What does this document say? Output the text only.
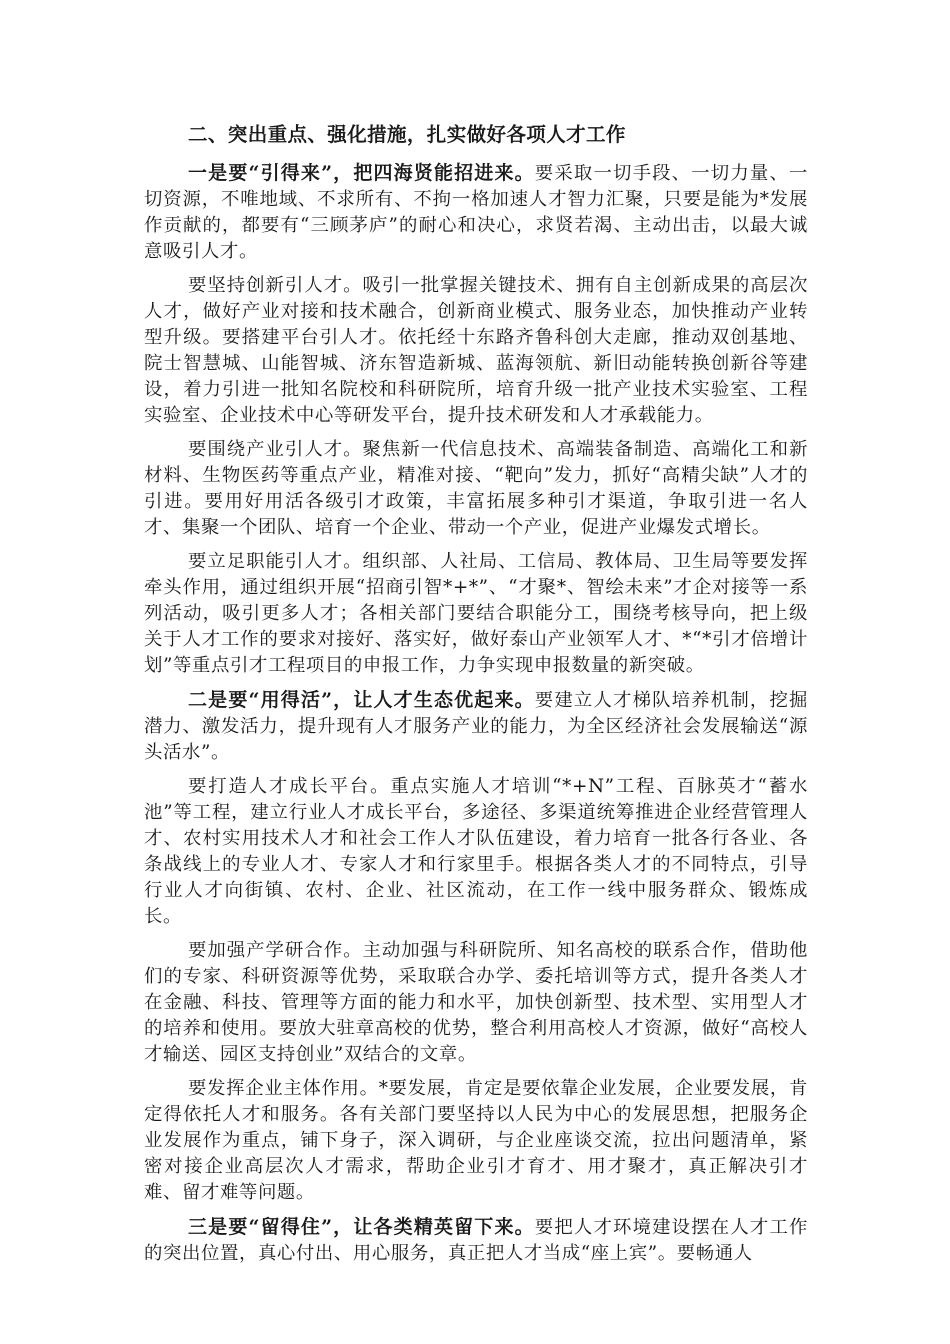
二、突出重点、强化措施，扎实做好各项人才工作

一是要“引得来”，把四海贤能招进来。要采取一切手段、一切力量、一切资源，不唯地域、不求所有、不拘一格加速人才智力汇聚，只要是能为*发展作贡献的，都要有“三顾茅庐”的耐心和决心，求贤若渴、主动出击，以最大诚意吸引人才。

要坚持创新引人才。吸引一批掌握关键技术、拥有自主创新成果的高层次人才，做好产业对接和技术融合，创新商业模式、服务业态，加快推动产业转型升级。要搭建平台引人才。依托经十东路齐鲁科创大走廊，推动双创基地、院士智慧城、山能智城、济东智造新城、蓝海领航、新旧动能转换创新谷等建设，着力引进一批知名院校和科研院所，培育升级一批产业技术实验室、工程实验室、企业技术中心等研发平台，提升技术研发和人才承载能力。

要围绕产业引人才。聚焦新一代信息技术、高端装备制造、高端化工和新材料、生物医药等重点产业，精准对接、“靶向”发力，抓好“高精尖缺”人才的引进。要用好用活各级引才政策，丰富拓展多种引才渠道，争取引进一名人才、集聚一个团队、培育一个企业、带动一个产业，促进产业爆发式增长。

要立足职能引人才。组织部、人社局、工信局、教体局、卫生局等要发挥牵头作用，通过组织开展“招商引智*+*”、“才聚*、智绘未来”才企对接等一系列活动，吸引更多人才；各相关部门要结合职能分工，围绕考核导向，把上级关于人才工作的要求对接好、落实好，做好泰山产业领军人才、*“*引才倍增计划”等重点引才工程项目的申报工作，力争实现申报数量的新突破。

二是要“用得活”，让人才生态优起来。要建立人才梯队培养机制，挖掘潜力、激发活力，提升现有人才服务产业的能力，为全区经济社会发展输送“源头活水”。

要打造人才成长平台。重点实施人才培训“*+N”工程、百脉英才“蓄水池”等工程，建立行业人才成长平台，多途径、多渠道统筹推进企业经营管理人才、农村实用技术人才和社会工作人才队伍建设，着力培育一批各行各业、各条战线上的专业人才、专家人才和行家里手。根据各类人才的不同特点，引导行业人才向街镇、农村、企业、社区流动，在工作一线中服务群众、锻炼成长。

要加强产学研合作。主动加强与科研院所、知名高校的联系合作，借助他们的专家、科研资源等优势，采取联合办学、委托培训等方式，提升各类人才在金融、科技、管理等方面的能力和水平，加快创新型、技术型、实用型人才的培养和使用。要放大驻章高校的优势，整合利用高校人才资源，做好“高校人才输送、园区支持创业”双结合的文章。

要发挥企业主体作用。*要发展，肯定是要依靠企业发展，企业要发展，肯定得依托人才和服务。各有关部门要坚持以人民为中心的发展思想，把服务企业发展作为重点，铺下身子，深入调研，与企业座谈交流，拉出问题清单，紧密对接企业高层次人才需求，帮助企业引才育才、用才聚才，真正解决引才难、留才难等问题。

三是要“留得住”，让各类精英留下来。要把人才环境建设摆在人才工作的突出位置，真心付出、用心服务，真正把人才当成“座上宾”。要畅通人
